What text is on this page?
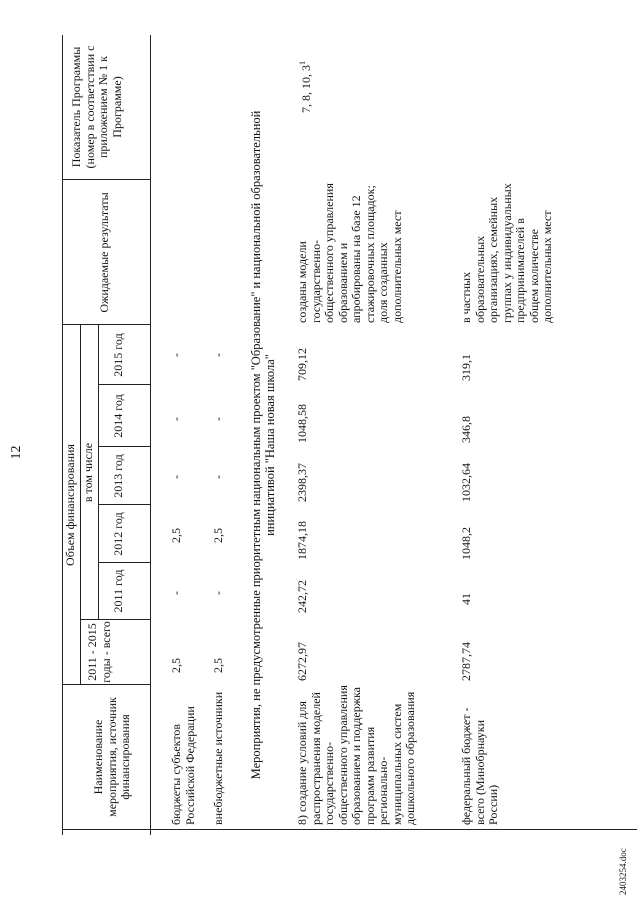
12
Наименование мероприятия, источник финансирования
Объем финансирования
2011 - 2015 годы - всего
в том числе
2011 год
2012 год
2013 год
2014 год
2015 год
Ожидаемые результаты
Показатель Программы (номер в соответствии с приложением № 1 к Программе)
бюджеты субъектов Российской Федерации
2,5
-
2,5
-
-
-
внебюджетные источники
2,5
-
2,5
-
-
- Мероприятия, не предусмотренные приоритетным национальным проектом "Образование" и национальной образовательной инициативой "Наша новая школа"
8) создание условий для распространения моделей государственно-общественного управления образованием и поддержка программ развития регионально-муниципальных систем дошкольного образования
6272,97
242,72
1874,18
2398,37
1048,58
709,12
созданы модели государственно-общественного управления образованием и апробированы на базе 12 стажировочных площадок; доля созданных дополнительных мест
7, 8, 10, $3^1$
федеральный бюджет - всего (Минобрнауки России)
2787,74
41
1048,2
1032,64
346,8
319,1
в частных образовательных организациях, семейных группах у индивидуальных предпринимателей в общем количестве дополнительных мест
2403254.doc
